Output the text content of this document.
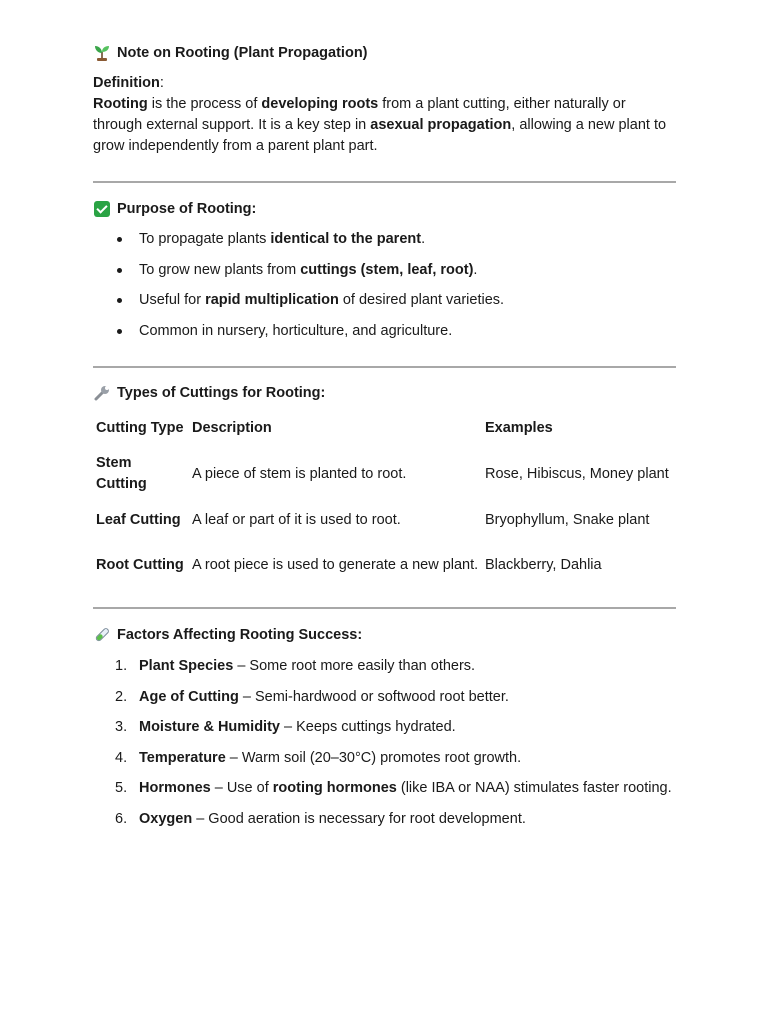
Note on Rooting (Plant Propagation)
Definition:
Rooting is the process of developing roots from a plant cutting, either naturally or through external support. It is a key step in asexual propagation, allowing a new plant to grow independently from a parent plant part.
Purpose of Rooting:
To propagate plants identical to the parent.
To grow new plants from cuttings (stem, leaf, root).
Useful for rapid multiplication of desired plant varieties.
Common in nursery, horticulture, and agriculture.
Types of Cuttings for Rooting:
Cutting Type	Description	Examples
Stem Cutting	A piece of stem is planted to root.	Rose, Hibiscus, Money plant
Leaf Cutting	A leaf or part of it is used to root.	Bryophyllum, Snake plant
Root Cutting	A root piece is used to generate a new plant.	Blackberry, Dahlia
Factors Affecting Rooting Success:
1. Plant Species – Some root more easily than others.
2. Age of Cutting – Semi-hardwood or softwood root better.
3. Moisture & Humidity – Keeps cuttings hydrated.
4. Temperature – Warm soil (20–30°C) promotes root growth.
5. Hormones – Use of rooting hormones (like IBA or NAA) stimulates faster rooting.
6. Oxygen – Good aeration is necessary for root development.
